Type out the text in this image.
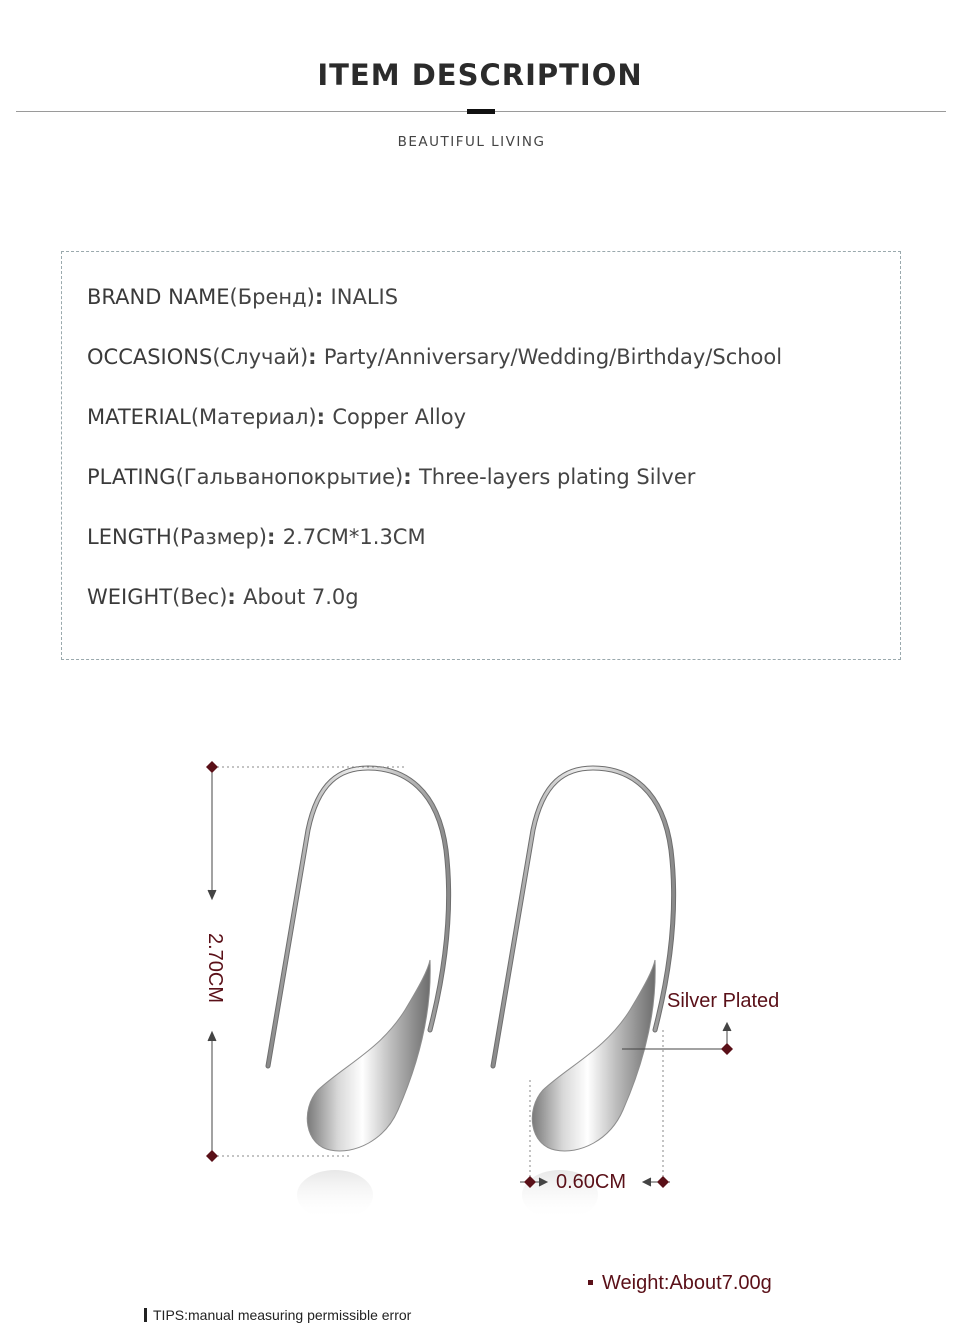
ITEM DESCRIPTION
BEAUTIFUL LIVING
BRAND NAME(Бренд): INALIS
OCCASIONS(Случай): Party/Anniversary/Wedding/Birthday/School
MATERIAL(Материал): Copper Alloy
PLATING(Гальванопокрытие): Three-layers plating Silver
LENGTH(Размер): 2.7CM*1.3CM
WEIGHT(Вес): About 7.0g
2.70CM
0.60CM
Silver Plated
Weight:About7.00g
TIPS:manual measuring permissible error
